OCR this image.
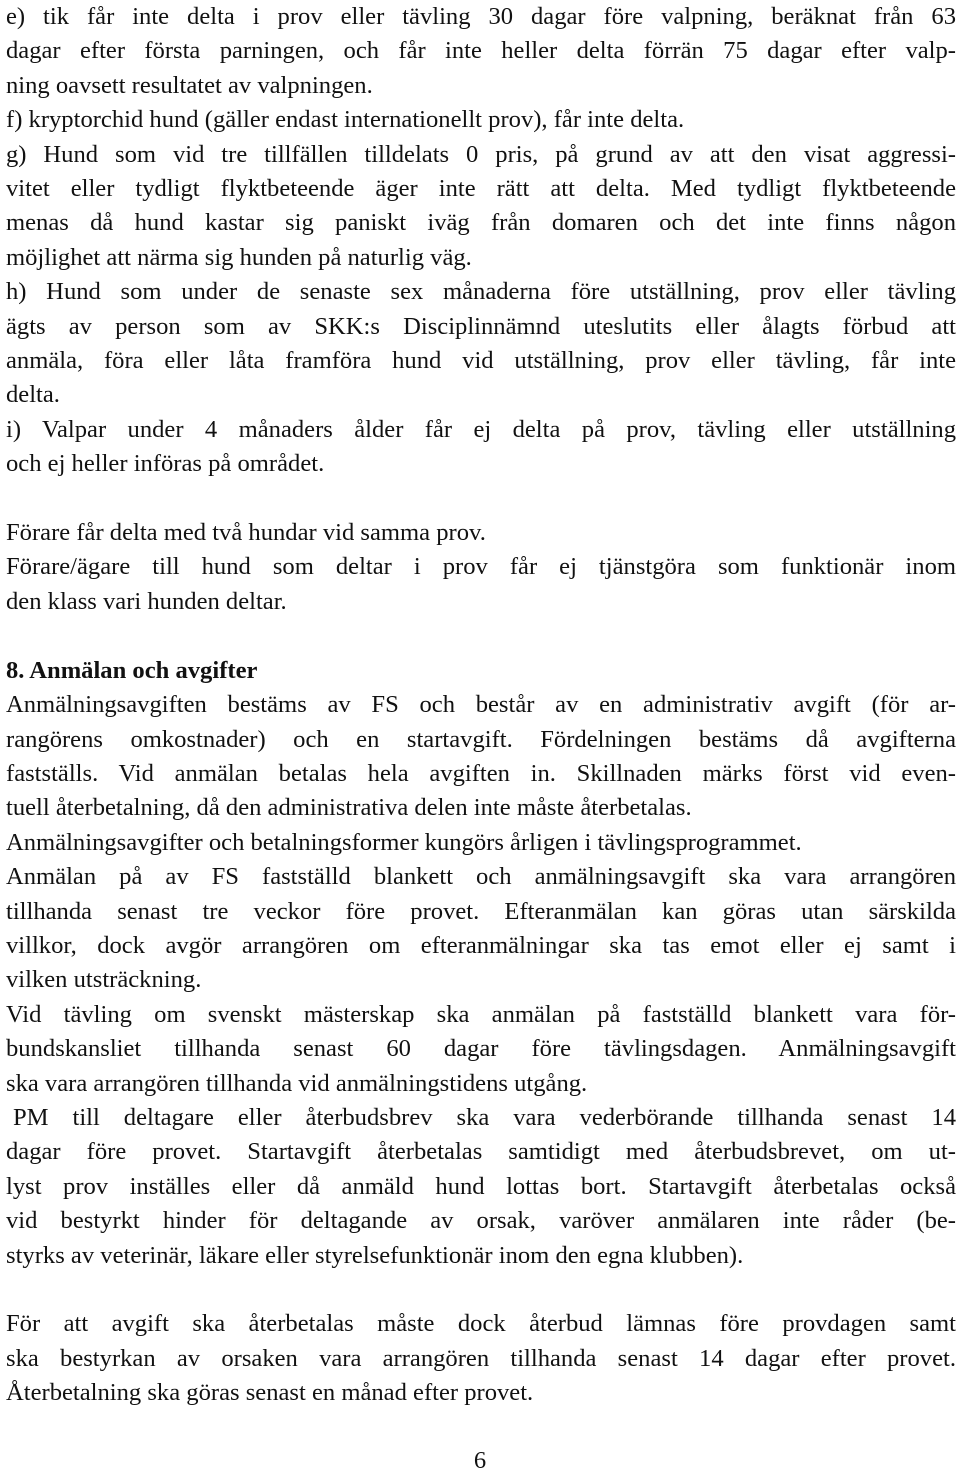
e) tik får inte delta i prov eller tävling 30 dagar före valpning, beräknat från 63
dagar efter första parningen, och får inte heller delta förrän 75 dagar efter valp-
ning oavsett resultatet av valpningen.
f) kryptorchid hund (gäller endast internationellt prov), får inte delta.
g) Hund som vid tre tillfällen tilldelats 0 pris, på grund av att den visat aggressi-
vitet eller tydligt flyktbeteende äger inte rätt att delta. Med tydligt flyktbeteende
menas då hund kastar sig paniskt iväg från domaren och det inte finns någon
möjlighet att närma sig hunden på naturlig väg.
h) Hund som under de senaste sex månaderna före utställning, prov eller tävling
ägts av person som av SKK:s Disciplinnämnd uteslutits eller ålagts förbud att
anmäla, föra eller låta framföra hund vid utställning, prov eller tävling, får inte
delta.
i) Valpar under 4 månaders ålder får ej delta på prov, tävling eller utställning
och ej heller införas på området.
Förare får delta med två hundar vid samma prov.
Förare/ägare till hund som deltar i prov får ej tjänstgöra som funktionär inom
den klass vari hunden deltar.
8. Anmälan och avgifter
Anmälningsavgiften bestäms av FS och består av en administrativ avgift (för ar-
rangörens omkostnader) och en startavgift. Fördelningen bestäms då avgifterna
fastställs. Vid anmälan betalas hela avgiften in. Skillnaden märks först vid even-
tuell återbetalning, då den administrativa delen inte måste återbetalas.
Anmälningsavgifter och betalningsformer kungörs årligen i tävlingsprogrammet.
Anmälan på av FS fastställd blankett och anmälningsavgift ska vara arrangören
tillhanda senast tre veckor före provet. Efteranmälan kan göras utan särskilda
villkor, dock avgör arrangören om efteranmälningar ska tas emot eller ej samt i
vilken utsträckning.
Vid tävling om svenskt mästerskap ska anmälan på fastställd blankett vara för-
bundskansliet tillhanda senast 60 dagar före tävlingsdagen. Anmälningsavgift
ska vara arrangören tillhanda vid anmälningstidens utgång.
PM till deltagare eller återbudsbrev ska vara vederbörande tillhanda senast 14
dagar före provet. Startavgift återbetalas samtidigt med återbudsbrevet, om ut-
lyst prov inställes eller då anmäld hund lottas bort. Startavgift återbetalas också
vid bestyrkt hinder för deltagande av orsak, varöver anmälaren inte råder (be-
styrks av veterinär, läkare eller styrelsefunktionär inom den egna klubben).
För att avgift ska återbetalas måste dock återbud lämnas före provdagen samt
ska bestyrkan av orsaken vara arrangören tillhanda senast 14 dagar efter provet.
Återbetalning ska göras senast en månad efter provet.
6
